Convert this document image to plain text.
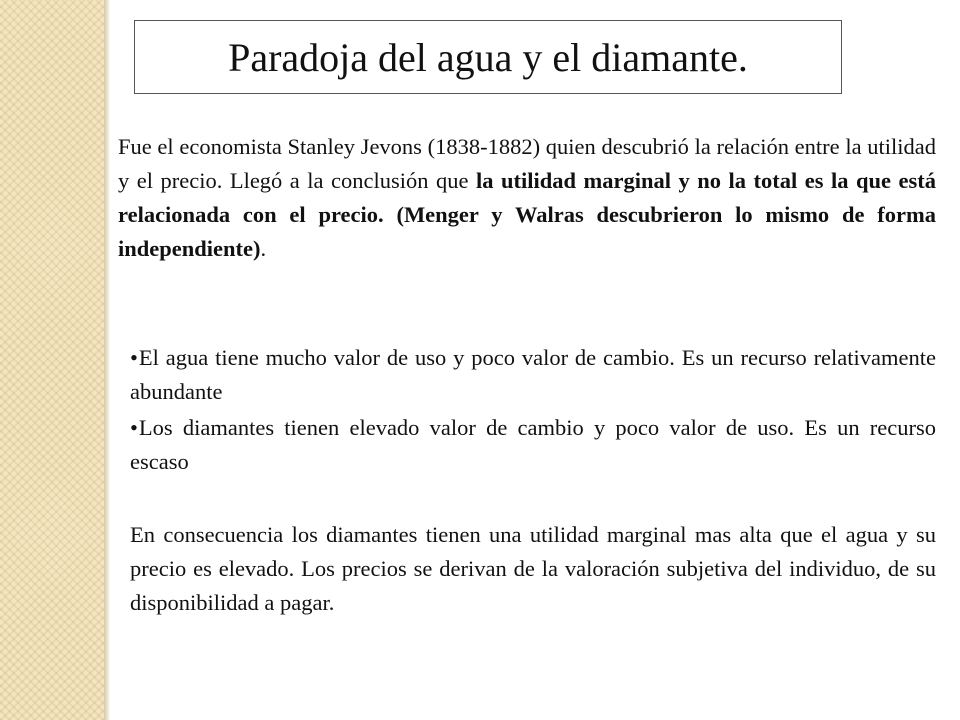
Paradoja del agua y el diamante.
Fue el economista Stanley Jevons (1838-1882) quien descubrió la relación entre la utilidad y el precio. Llegó a la conclusión que la utilidad marginal y no la total es la que está relacionada con el precio. (Menger y Walras descubrieron lo mismo de forma independiente).
•El agua tiene mucho valor de uso y poco valor de cambio. Es un recurso relativamente abundante
•Los diamantes tienen elevado valor de cambio y poco valor de uso. Es un recurso escaso
En consecuencia los diamantes tienen una utilidad marginal mas alta que el agua y su precio es elevado. Los precios se derivan de la valoración subjetiva del individuo, de su disponibilidad a pagar.
